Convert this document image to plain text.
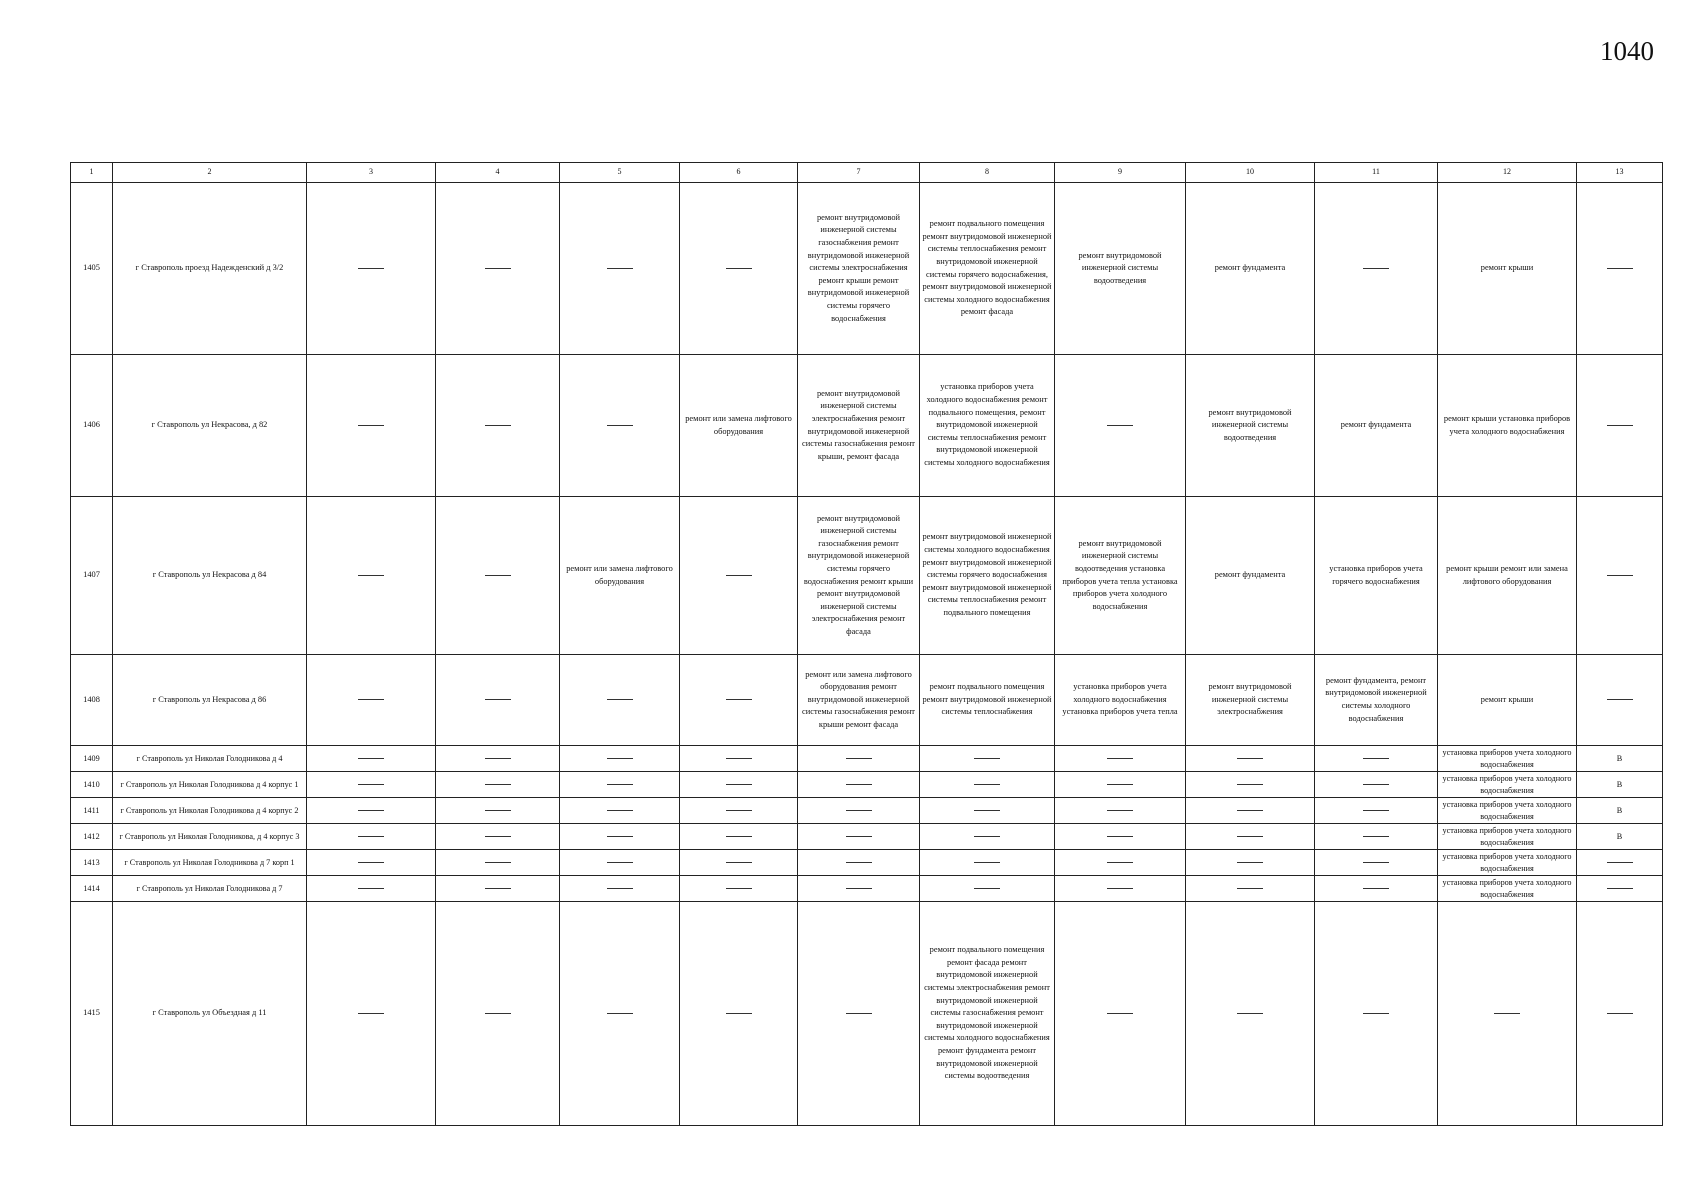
1040
1	2	3	4	5	6	7	8	9	10	11	12	13
1405	г Ставрополь проезд Надежденский д 3/2					ремонт внутридомовой инженерной системы газоснабжения ремонт внутридомовой инженерной системы электроснабжения ремонт крыши ремонт внутридомовой инженерной системы горячего водоснабжения	ремонт подвального помещения ремонт внутридомовой инженерной системы теплоснабжения ремонт внутридомовой инженерной системы горячего водоснабжения, ремонт внутридомовой инженерной системы холодного водоснабжения ремонт фасада	ремонт внутридомовой инженерной системы водоотведения	ремонт фундамента		ремонт крыши	
1406	г Ставрополь ул Некрасова, д 82				ремонт или замена лифтового оборудования	ремонт внутридомовой инженерной системы электроснабжения ремонт внутридомовой инженерной системы газоснабжения ремонт крыши, ремонт фасада	установка приборов учета холодного водоснабжения ремонт подвального помещения, ремонт внутридомовой инженерной системы теплоснабжения ремонт внутридомовой инженерной системы холодного водоснабжения		ремонт внутридомовой инженерной системы водоотведения	ремонт фундамента	ремонт крыши установка приборов учета холодного водоснабжения	
1407	г Ставрополь ул Некрасова д 84			ремонт или замена лифтового оборудования		ремонт внутридомовой инженерной системы газоснабжения ремонт внутридомовой инженерной системы горячего водоснабжения ремонт крыши ремонт внутридомовой инженерной системы электроснабжения ремонт фасада	ремонт внутридомовой инженерной системы холодного водоснабжения ремонт внутридомовой инженерной системы горячего водоснабжения ремонт внутридомовой инженерной системы теплоснабжения ремонт подвального помещения	ремонт внутридомовой инженерной системы водоотведения установка приборов учета тепла установка приборов учета холодного водоснабжения	ремонт фундамента	установка приборов учета горячего водоснабжения	ремонт крыши ремонт или замена лифтового оборудования	
1408	г Ставрополь ул Некрасова д 86					ремонт или замена лифтового оборудования ремонт внутридомовой инженерной системы газоснабжения ремонт крыши ремонт фасада	ремонт подвального помещения ремонт внутридомовой инженерной системы теплоснабжения	установка приборов учета холодного водоснабжения установка приборов учета тепла	ремонт внутридомовой инженерной системы электроснабжения	ремонт фундамента, ремонт внутридомовой инженерной системы холодного водоснабжения	ремонт крыши	
1409	г Ставрополь ул Николая Голодникова д 4										установка приборов учета холодного водоснабжения	В
1410	г Ставрополь ул Николая Голодникова д 4 корпус 1										установка приборов учета холодного водоснабжения	В
1411	г Ставрополь ул Николая Голодникова д 4 корпус 2										установка приборов учета холодного водоснабжения	В
1412	г Ставрополь ул Николая Голодникова, д 4 корпус 3										установка приборов учета холодного водоснабжения	В
1413	г Ставрополь ул Николая Голодникова д 7 корп 1										установка приборов учета холодного водоснабжения	
1414	г Ставрополь ул Николая Голодникова д 7										установка приборов учета холодного водоснабжения	
1415	г Ставрополь ул Объездная д 11						ремонт подвального помещения ремонт фасада ремонт внутридомовой инженерной системы электроснабжения ремонт внутридомовой инженерной системы газоснабжения ремонт внутридомовой инженерной системы холодного водоснабжения ремонт фундамента ремонт внутридомовой инженерной системы водоотведения					
